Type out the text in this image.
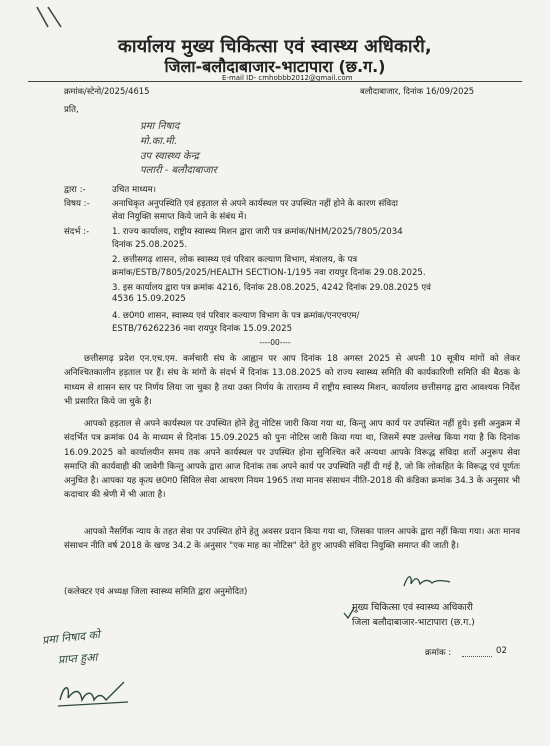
कार्यालय मुख्य चिकित्सा एवं स्वास्थ्य अधिकारी,
जिला-बलौदाबाजार-भाटापारा (छ.ग.)
E-mail ID- cmhobbb2012@gmail.com
क्रमांक/स्टेनो/2025/4615	बलौदाबाजार, दिनांक 16/09/2025
प्रति,
प्रमा निषाद
मो.का.मी.
उप स्वास्थ्य केन्द्र
पलारी - बलौदाबाजार
द्वारा :-	उचित माध्यम।
विषय :-	अनाधिकृत अनुपस्थिति एवं हड़ताल से अपने कार्यस्थल पर उपस्थित नहीं होने के कारण संविदा
सेवा नियुक्ति समाप्त किये जाने के संबंध में।
संदर्भ :-	1. राज्य कार्यालय, राष्ट्रीय स्वास्थ्य मिशन द्वारा जारी पत्र क्रमांक/NHM/2025/7805/2034
दिनांक 25.08.2025.
2. छत्तीसगढ़ शासन, लोक स्वास्थ्य एवं परिवार कल्याण विभाग, मंत्रालय, के पत्र
क्रमांक/ESTB/7805/2025/HEALTH SECTION-1/195 नवा रायपुर दिनांक 29.08.2025.
3. इस कार्यालय द्वारा पत्र क्रमांक 4216, दिनांक 28.08.2025, 4242 दिनांक 29.08.2025 एवं
4536 15.09.2025
4. छ0ग0 शासन, स्वास्थ्य एवं परिवार कल्याण विभाग के पत्र क्रमांक/एनएचएम/
ESTB/76262236 नवा रायपुर दिनांक 15.09.2025
----00----
छत्तीसगढ़ प्रदेश एन.एच.एम. कर्मचारी संघ के आह्वान पर आप दिनांक 18 अगस्त 2025 से अपनी 10 सूत्रीय मांगों को लेकर अनिश्चितकालीन हड़ताल पर हैं। संघ के मांगों के संदर्भ में दिनांक 13.08.2025 को राज्य स्वास्थ्य समिति की कार्यकारिणी समिति की बैठक के माध्यम से शासन स्तर पर निर्णय लिया जा चुका है तथा उक्त निर्णय के तारतम्य में राष्ट्रीय स्वास्थ्य मिशन, कार्यालय छत्तीसगढ़ द्वारा आवश्यक निर्देश भी प्रसारित किये जा चुके है।
आपको हड़ताल से अपने कार्यस्थल पर उपस्थित होने हेतु नोटिस जारी किया गया था, किन्तु आप कार्य पर उपस्थित नहीं हुये। इसी अनुक्रम में संदर्भित पत्र क्रमांक 04 के माध्यम से दिनांक 15.09.2025 को पुनः नोटिस जारी किया गया था, जिसमें स्पष्ट उल्लेख किया गया है कि दिनांक 16.09.2025 को कार्यालयीन समय तक अपने कार्यस्थल पर उपस्थित होना सुनिश्चित करें अन्यथा आपके विरूद्ध संविदा शर्तो अनुरूप सेवा समाप्ति की कार्यवाही की जावेगी किन्तु आपके द्वारा आज दिनांक तक अपने कार्य पर उपस्थिति नहीं दी गई है, जो कि लोकहित के विरूद्ध एवं पूर्णतः अनुचित है। आपका यह कृत्य छ0ग0 सिविल सेवा आचरण नियम 1965 तथा मानव संसाधन नीति-2018 की कंडिका क्रमांक 34.3 के अनुसार भी कदाचार की श्रेणी में भी आता है।
आपको नैसर्गिक न्याय के तहत सेवा पर उपस्थित होने हेतु अवसर प्रदान किया गया था, जिसका पालन आपके द्वारा नहीं किया गया। अतः मानव संसाधन नीति वर्ष 2018 के खण्ड 34.2 के अनुसार "एक माह का नोटिस" देते हुए आपकी संविदा नियुक्ति समाप्त की जाती है।
(कलेक्टर एवं अध्यक्ष जिला स्वास्थ्य समिति द्वारा अनुमोदित)
मुख्य चिकित्सा एवं स्वास्थ्य अधिकारी
जिला बलौदाबाजार-भाटापारा (छ.ग.)
प्रमा निषाद को
प्राप्त हुआ	क्रमांक :	02
